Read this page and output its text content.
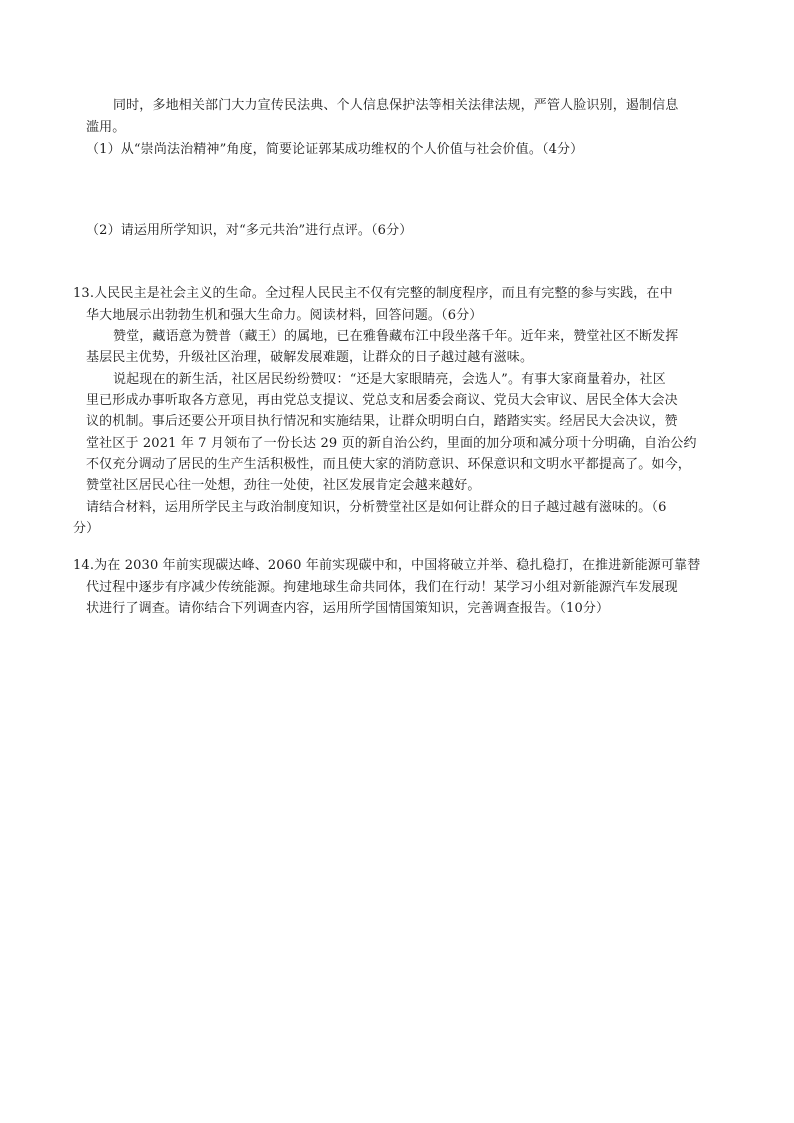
同时，多地相关部门大力宣传民法典、个人信息保护法等相关法律法规，严管人脸识别，遏制信息
滥用。
（1）从“崇尚法治精神”角度，简要论证郭某成功维权的个人价值与社会价值。（4分）
（2）请运用所学知识，对“多元共治”进行点评。（6分）
13.人民民主是社会主义的生命。全过程人民民主不仅有完整的制度程序，而且有完整的参与实践，在中
华大地展示出勃勃生机和强大生命力。阅读材料，回答问题。（6分）
赞堂，藏语意为赞普（藏王）的属地，已在雅鲁藏布江中段坐落千年。近年来，赞堂社区不断发挥
基层民主优势，升级社区治理，破解发展难题，让群众的日子越过越有滋味。
说起现在的新生活，社区居民纷纷赞叹：“还是大家眼睛亮，会选人”。有事大家商量着办，社区
里已形成办事听取各方意见，再由党总支提议、党总支和居委会商议、党员大会审议、居民全体大会决
议的机制。事后还要公开项目执行情况和实施结果，让群众明明白白，踏踏实实。经居民大会决议，赞
堂社区于 2021 年 7 月领布了一份长达 29 页的新自治公约，里面的加分项和减分项十分明确，自治公约
不仅充分调动了居民的生产生活积极性，而且使大家的消防意识、环保意识和文明水平都提高了。如今，
赞堂社区居民心往一处想，劲往一处使，社区发展肯定会越来越好。
请结合材料，运用所学民主与政治制度知识，分析赞堂社区是如何让群众的日子越过越有滋味的。（6
分）
14.为在 2030 年前实现碳达峰、2060 年前实现碳中和，中国将破立并举、稳扎稳打，在推进新能源可靠替
代过程中逐步有序减少传统能源。拘建地球生命共同体，我们在行动！某学习小组对新能源汽车发展现
状进行了调查。请你结合下列调查内容，运用所学国情国策知识，完善调查报告。（10分）
